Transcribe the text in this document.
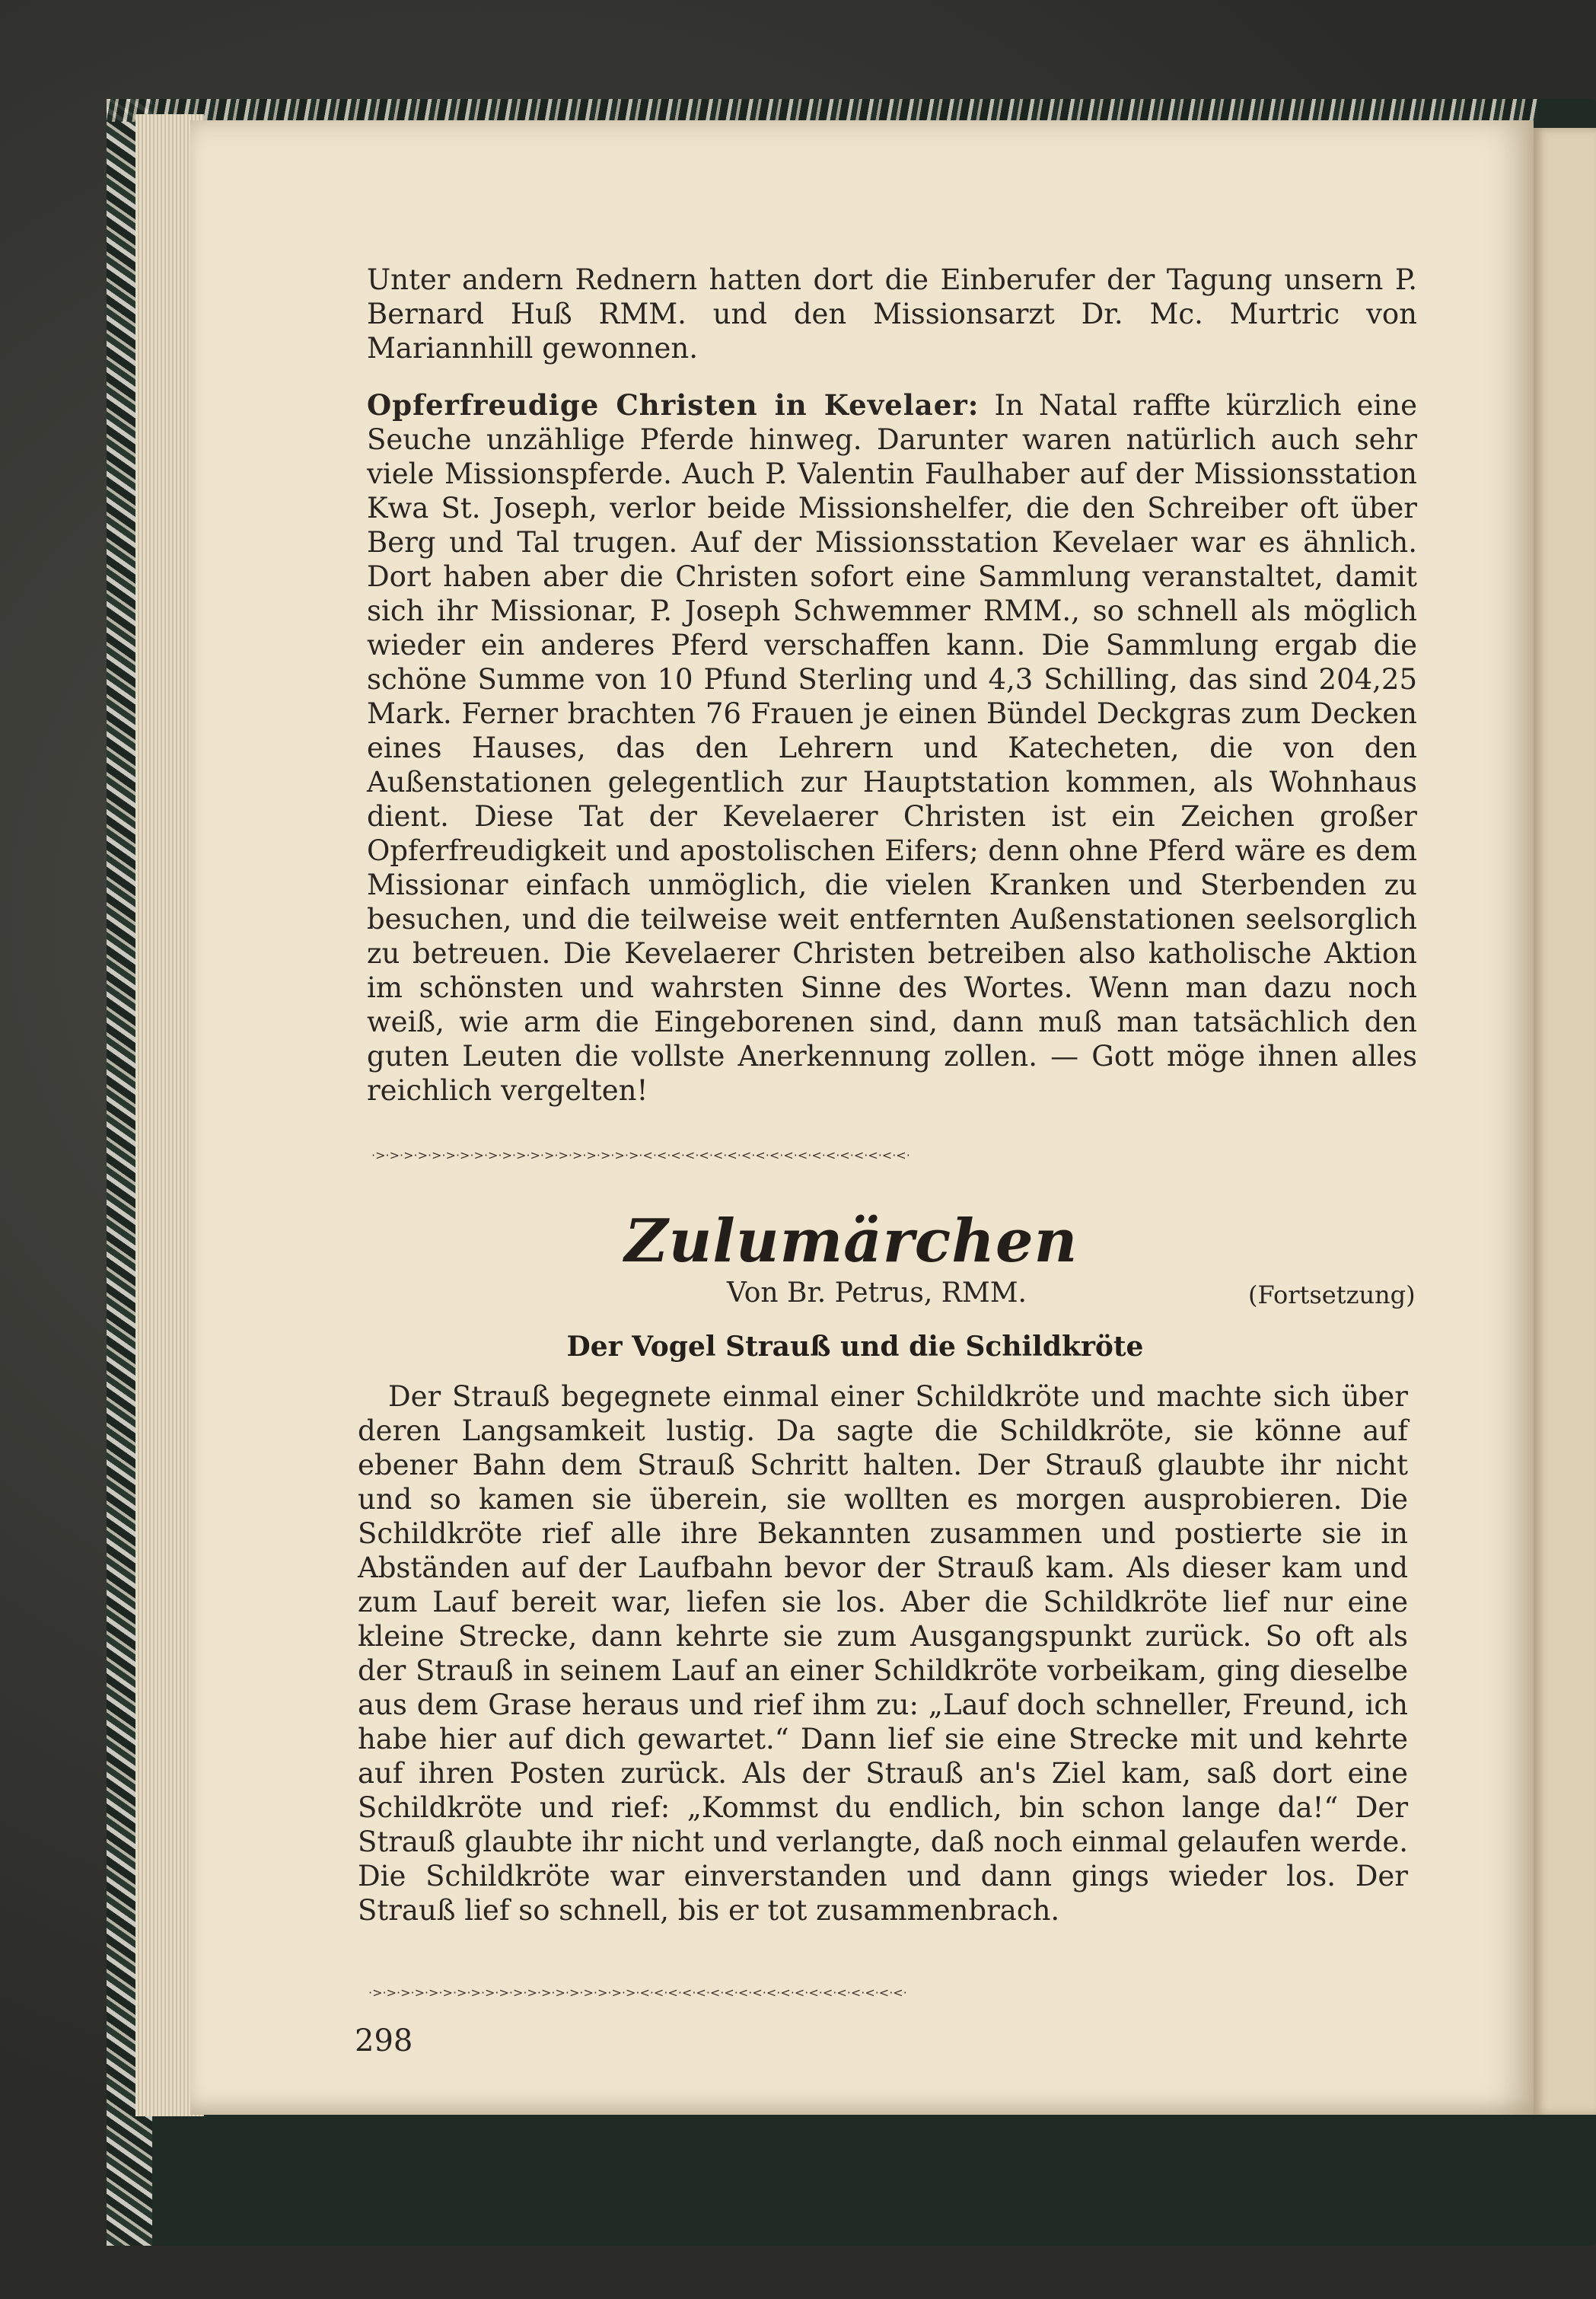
Unter andern Rednern hatten dort die Einberufer der Tagung unsern P. Bernard Huß RMM. und den Missionsarzt Dr. Mc. Murtric von Mariannhill gewonnen.

Opferfreudige Christen in Kevelaer: In Natal raffte kürzlich eine Seuche unzählige Pferde hinweg. Darunter waren natürlich auch sehr viele Missionspferde. Auch P. Valentin Faulhaber auf der Missionsstation Kwa St. Joseph, verlor beide Missionshelfer, die den Schreiber oft über Berg und Tal trugen. Auf der Missionsstation Kevelaer war es ähnlich. Dort haben aber die Christen sofort eine Sammlung veranstaltet, damit sich ihr Missionar, P. Joseph Schwemmer RMM., so schnell als möglich wieder ein anderes Pferd verschaffen kann. Die Sammlung ergab die schöne Summe von 10 Pfund Sterling und 4,3 Schilling, das sind 204,25 Mark. Ferner brachten 76 Frauen je einen Bündel Deckgras zum Decken eines Hauses, das den Lehrern und Katecheten, die von den Außenstationen gelegentlich zur Hauptstation kommen, als Wohnhaus dient. Diese Tat der Kevelaerer Christen ist ein Zeichen großer Opferfreudigkeit und apostolischen Eifers; denn ohne Pferd wäre es dem Missionar einfach unmöglich, die vielen Kranken und Sterbenden zu besuchen, und die teilweise weit entfernten Außenstationen seelsorglich zu betreuen. Die Kevelaerer Christen betreiben also katholische Aktion im schönsten und wahrsten Sinne des Wortes. Wenn man dazu noch weiß, wie arm die Eingeborenen sind, dann muß man tatsächlich den guten Leuten die vollste Anerkennung zollen. — Gott möge ihnen alles reichlich vergelten!

·>·>·>·>·>·>·>·>·>·>·>·>·>·>·>·>·>·>·>·<·<·<·<·<·<·<·<·<·<·<·<·<·<·<·<·<·<·<·
Zulumärchen
Von Br. Petrus, RMM.	(Fortsetzung)
Der Vogel Strauß und die Schildkröte

Der Strauß begegnete einmal einer Schildkröte und machte sich über deren Langsamkeit lustig. Da sagte die Schildkröte, sie könne auf ebener Bahn dem Strauß Schritt halten. Der Strauß glaubte ihr nicht und so kamen sie überein, sie wollten es morgen ausprobieren. Die Schildkröte rief alle ihre Bekannten zusammen und postierte sie in Abständen auf der Laufbahn bevor der Strauß kam. Als dieser kam und zum Lauf bereit war, liefen sie los. Aber die Schildkröte lief nur eine kleine Strecke, dann kehrte sie zum Ausgangspunkt zurück. So oft als der Strauß in seinem Lauf an einer Schildkröte vorbeikam, ging dieselbe aus dem Grase heraus und rief ihm zu: „Lauf doch schneller, Freund, ich habe hier auf dich gewartet.“ Dann lief sie eine Strecke mit und kehrte auf ihren Posten zurück. Als der Strauß an's Ziel kam, saß dort eine Schildkröte und rief: „Kommst du endlich, bin schon lange da!“ Der Strauß glaubte ihr nicht und verlangte, daß noch einmal gelaufen werde. Die Schildkröte war einverstanden und dann gings wieder los. Der Strauß lief so schnell, bis er tot zusammenbrach.

·>·>·>·>·>·>·>·>·>·>·>·>·>·>·>·>·>·>·>·<·<·<·<·<·<·<·<·<·<·<·<·<·<·<·<·<·<·<·
298
